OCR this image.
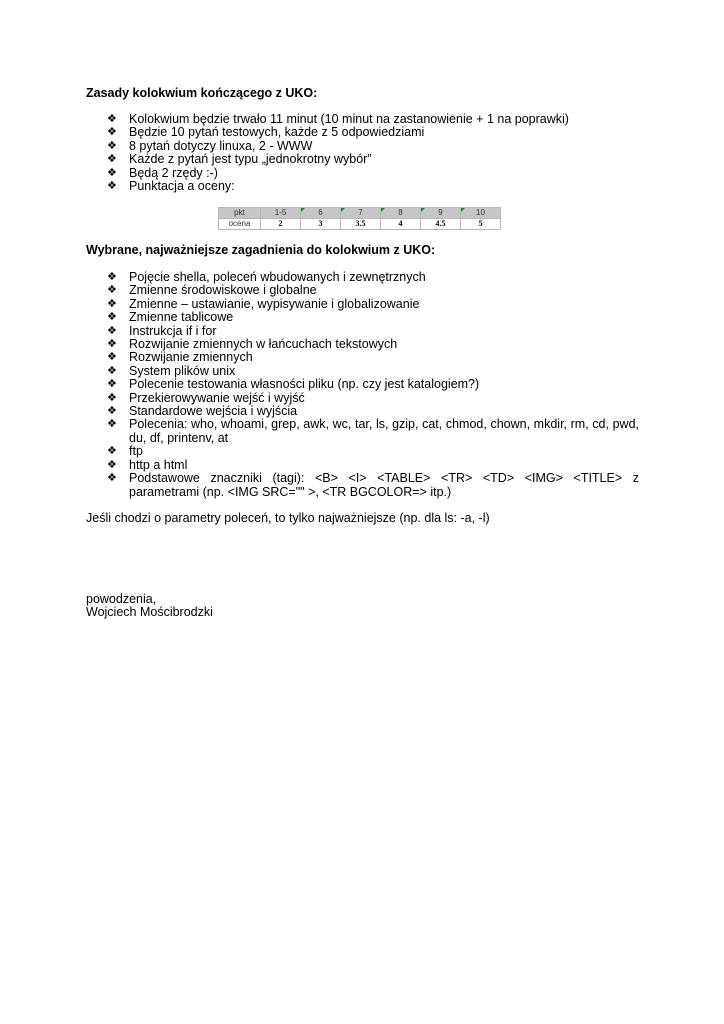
Zasady kolokwium kończącego z UKO:
❖ Kolokwium będzie trwało 11 minut (10 minut na zastanowienie + 1 na poprawki)
❖ Będzie 10 pytań testowych, każde z 5 odpowiedziami
❖ 8 pytań dotyczy linuxa, 2 - WWW
❖ Każde z pytań jest typu „jednokrotny wybór”
❖ Będą 2 rzędy :-)
❖ Punktacja a oceny:
pkt	1-5	6	7	8	9	10
ocena	2	3	3.5	4	4.5	5
Wybrane, najważniejsze zagadnienia do kolokwium z UKO:
❖ Pojęcie shella, poleceń wbudowanych i zewnętrznych
❖ Zmienne środowiskowe i globalne
❖ Zmienne – ustawianie, wypisywanie i globalizowanie
❖ Zmienne tablicowe
❖ Instrukcja if i for
❖ Rozwijanie zmiennych w łańcuchach tekstowych
❖ Rozwijanie zmiennych
❖ System plików unix
❖ Polecenie testowania własności pliku (np. czy jest katalogiem?)
❖ Przekierowywanie wejść i wyjść
❖ Standardowe wejścia i wyjścia
❖ Polecenia: who, whoami, grep, awk, wc, tar, ls, gzip, cat, chmod, chown, mkdir, rm, cd, pwd, du, df, printenv, at
❖ ftp
❖ http a html
❖ Podstawowe znaczniki (tagi): <B> <I> <TABLE> <TR> <TD> <IMG> <TITLE> z parametrami (np. <IMG SRC="" >, <TR BGCOLOR=> itp.)
Jeśli chodzi o parametry poleceń, to tylko najważniejsze (np. dla ls: -a, -l)
powodzenia,
Wojciech Mościbrodzki
